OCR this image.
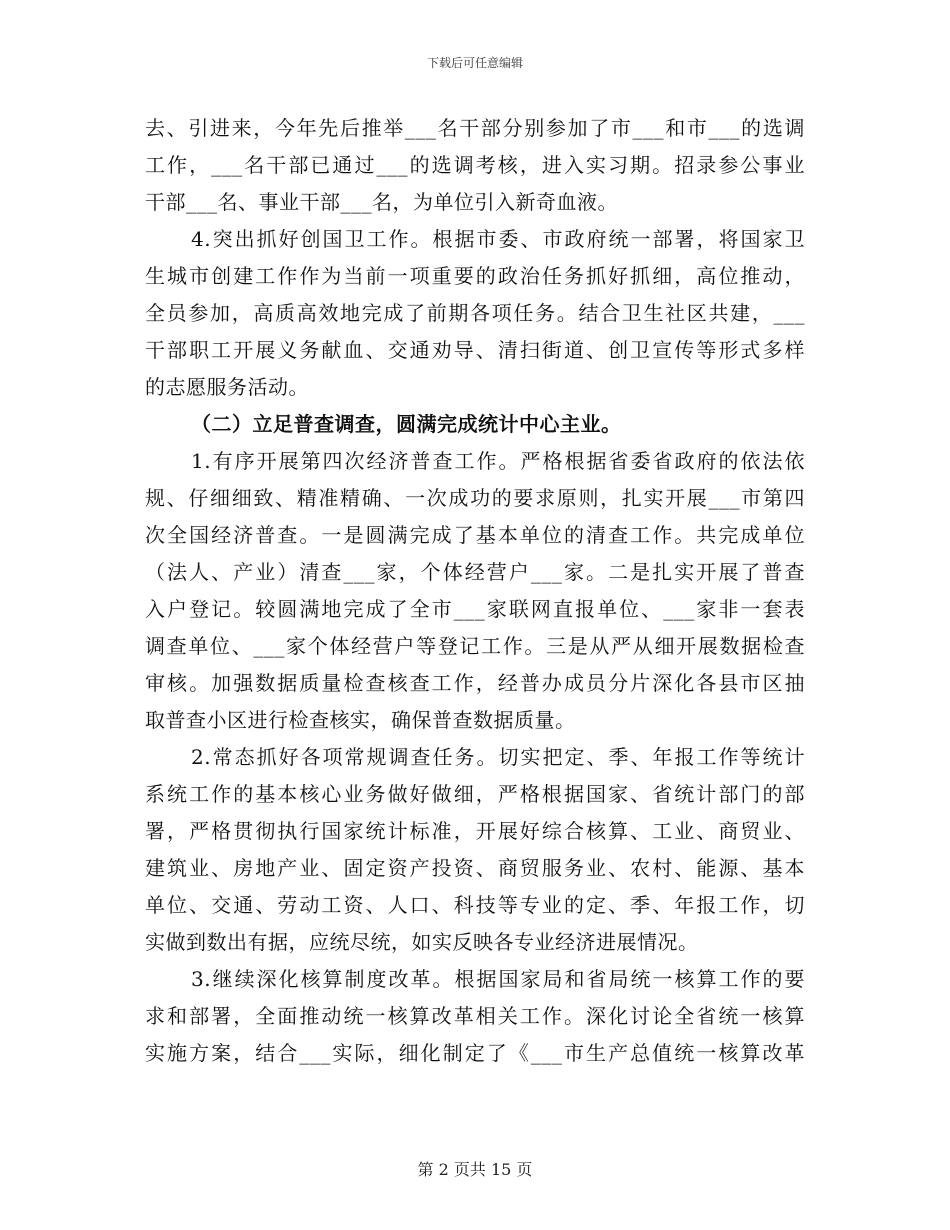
下载后可任意编辑
去、引进来，今年先后推举___名干部分别参加了市___和市___的选调
工作，___名干部已通过___的选调考核，进入实习期。招录参公事业
干部___名、事业干部___名，为单位引入新奇血液。
4.突出抓好创国卫工作。根据市委、市政府统一部署，将国家卫
生城市创建工作作为当前一项重要的政治任务抓好抓细，高位推动，
全员参加，高质高效地完成了前期各项任务。结合卫生社区共建，___
干部职工开展义务献血、交通劝导、清扫街道、创卫宣传等形式多样
的志愿服务活动。
（二）立足普查调查，圆满完成统计中心主业。
1.有序开展第四次经济普查工作。严格根据省委省政府的依法依
规、仔细细致、精准精确、一次成功的要求原则，扎实开展___市第四
次全国经济普查。一是圆满完成了基本单位的清查工作。共完成单位
（法人、产业）清查___家，个体经营户___家。二是扎实开展了普查
入户登记。较圆满地完成了全市___家联网直报单位、___家非一套表
调查单位、___家个体经营户等登记工作。三是从严从细开展数据检查
审核。加强数据质量检查核查工作，经普办成员分片深化各县市区抽
取普查小区进行检查核实，确保普查数据质量。
2.常态抓好各项常规调查任务。切实把定、季、年报工作等统计
系统工作的基本核心业务做好做细，严格根据国家、省统计部门的部
署，严格贯彻执行国家统计标准，开展好综合核算、工业、商贸业、
建筑业、房地产业、固定资产投资、商贸服务业、农村、能源、基本
单位、交通、劳动工资、人口、科技等专业的定、季、年报工作，切
实做到数出有据，应统尽统，如实反映各专业经济进展情况。
3.继续深化核算制度改革。根据国家局和省局统一核算工作的要
求和部署，全面推动统一核算改革相关工作。深化讨论全省统一核算
实施方案，结合___实际，细化制定了《___市生产总值统一核算改革
第 2 页共 15 页
